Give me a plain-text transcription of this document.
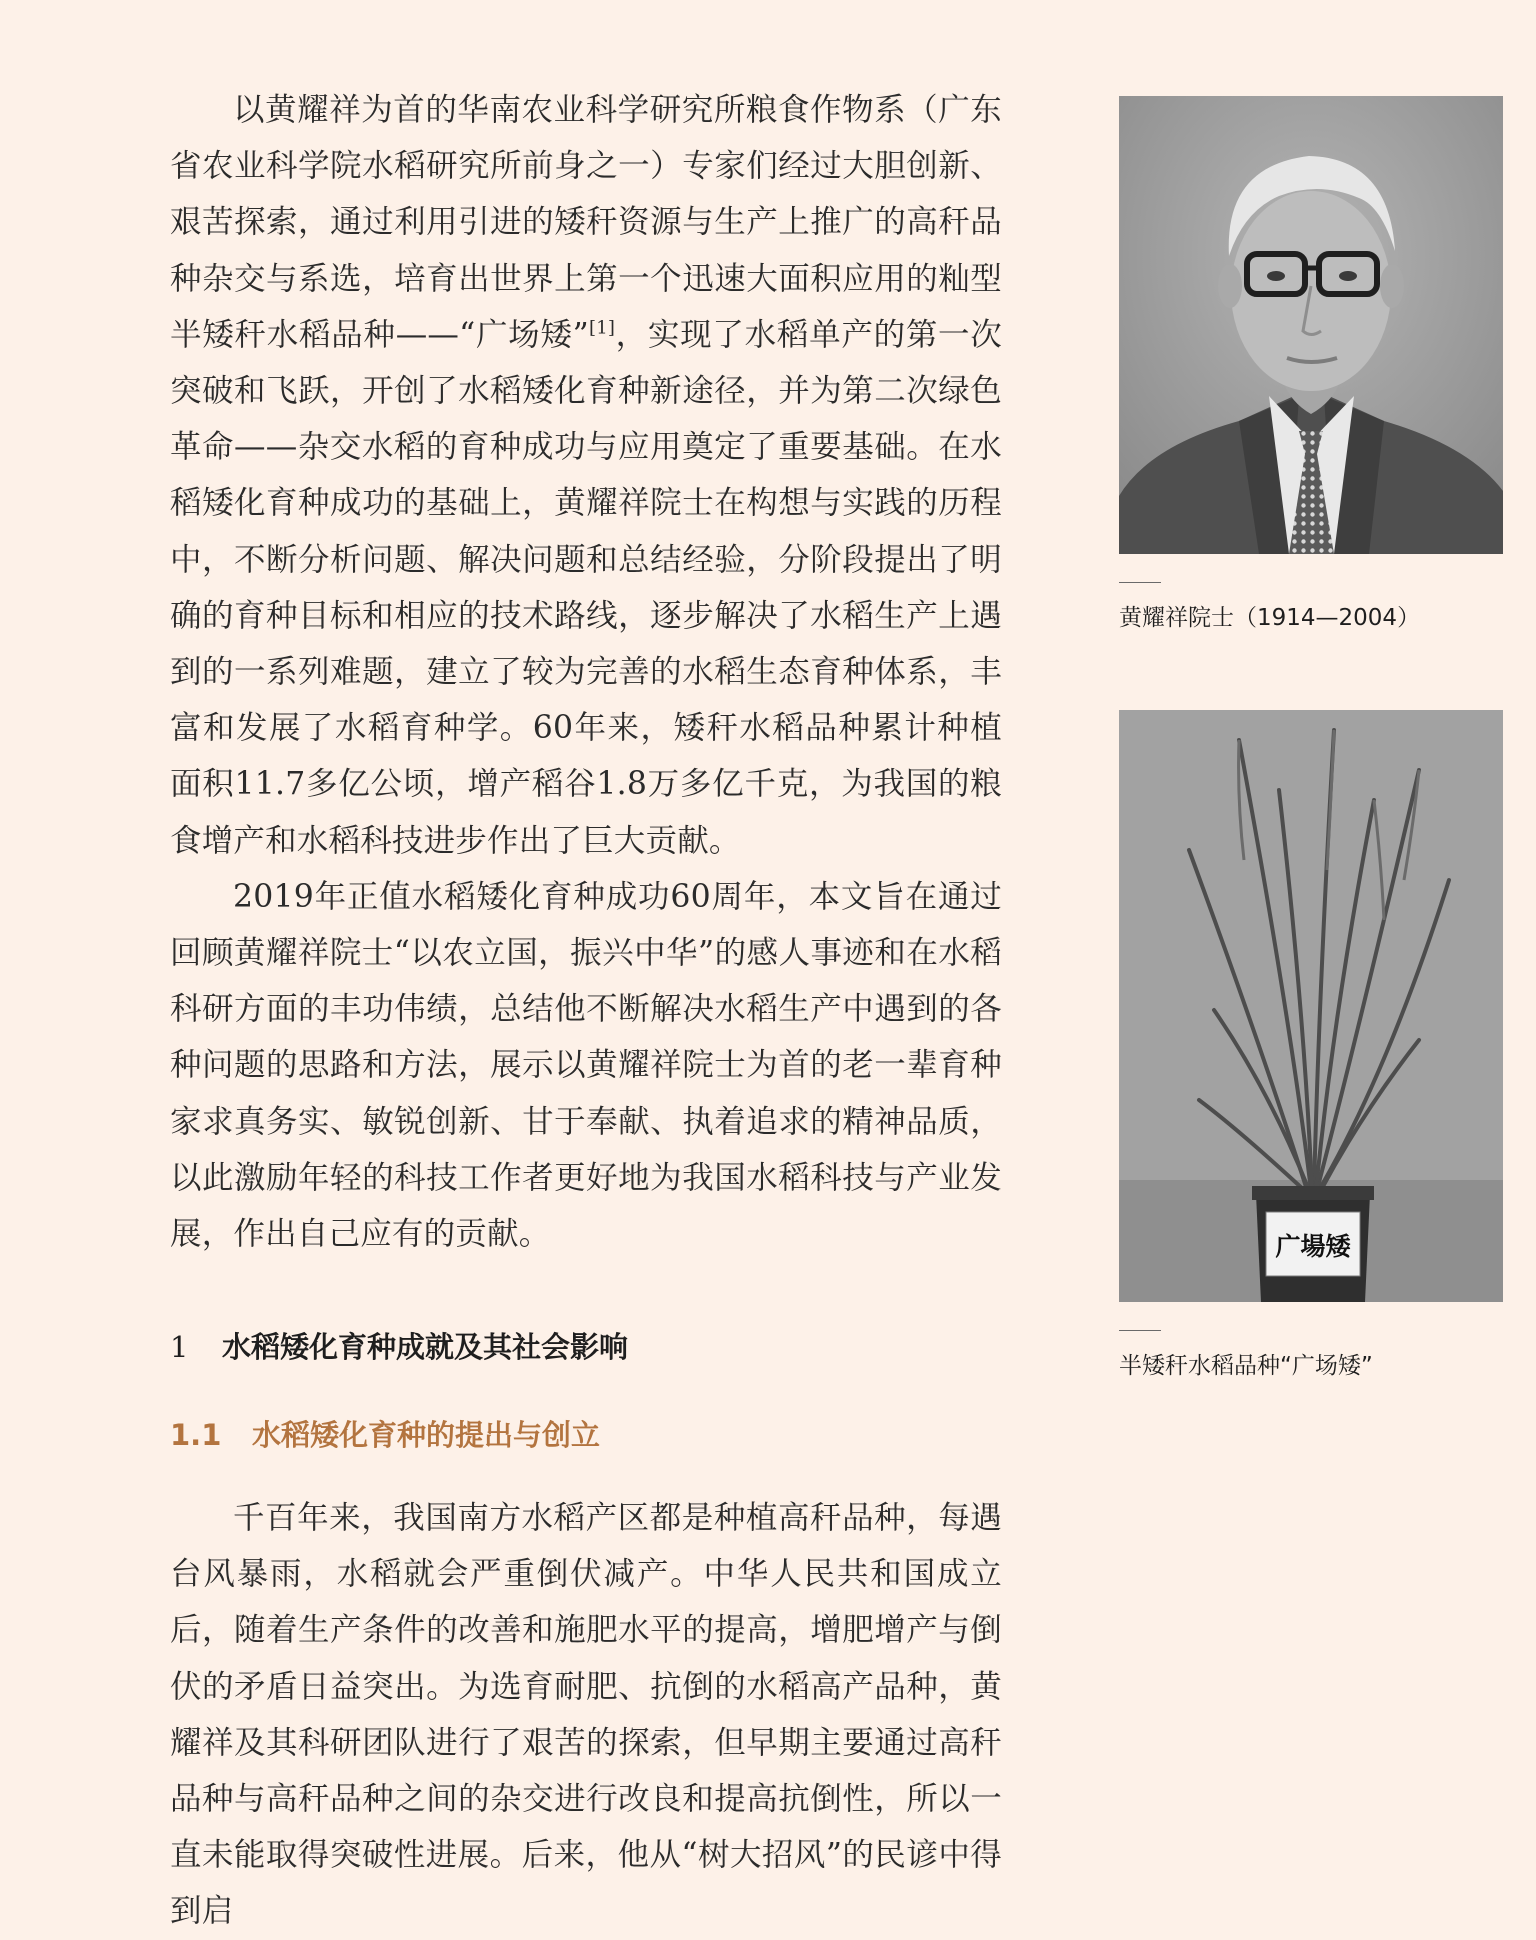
以黄耀祥为首的华南农业科学研究所粮食作物系（广东省农业科学院水稻研究所前身之一）专家们经过大胆创新、艰苦探索，通过利用引进的矮秆资源与生产上推广的高秆品种杂交与系选，培育出世界上第一个迅速大面积应用的籼型半矮秆水稻品种——“广场矮”[1]，实现了水稻单产的第一次突破和飞跃，开创了水稻矮化育种新途径，并为第二次绿色革命——杂交水稻的育种成功与应用奠定了重要基础。在水稻矮化育种成功的基础上，黄耀祥院士在构想与实践的历程中，不断分析问题、解决问题和总结经验，分阶段提出了明确的育种目标和相应的技术路线，逐步解决了水稻生产上遇到的一系列难题，建立了较为完善的水稻生态育种体系，丰富和发展了水稻育种学。60年来，矮秆水稻品种累计种植面积11.7多亿公顷，增产稻谷1.8万多亿千克，为我国的粮食增产和水稻科技进步作出了巨大贡献。

2019年正值水稻矮化育种成功60周年，本文旨在通过回顾黄耀祥院士“以农立国，振兴中华”的感人事迹和在水稻科研方面的丰功伟绩，总结他不断解决水稻生产中遇到的各种问题的思路和方法，展示以黄耀祥院士为首的老一辈育种家求真务实、敏锐创新、甘于奉献、执着追求的精神品质，以此激励年轻的科技工作者更好地为我国水稻科技与产业发展，作出自己应有的贡献。

1 水稻矮化育种成就及其社会影响
1.1 水稻矮化育种的提出与创立

千百年来，我国南方水稻产区都是种植高秆品种，每遇台风暴雨，水稻就会严重倒伏减产。中华人民共和国成立后，随着生产条件的改善和施肥水平的提高，增肥增产与倒伏的矛盾日益突出。为选育耐肥、抗倒的水稻高产品种，黄耀祥及其科研团队进行了艰苦的探索，但早期主要通过高秆品种与高秆品种之间的杂交进行改良和提高抗倒性，所以一直未能取得突破性进展。后来，他从“树大招风”的民谚中得到启

黄耀祥院士（1914—2004）
广場矮
半矮秆水稻品种“广场矮”
